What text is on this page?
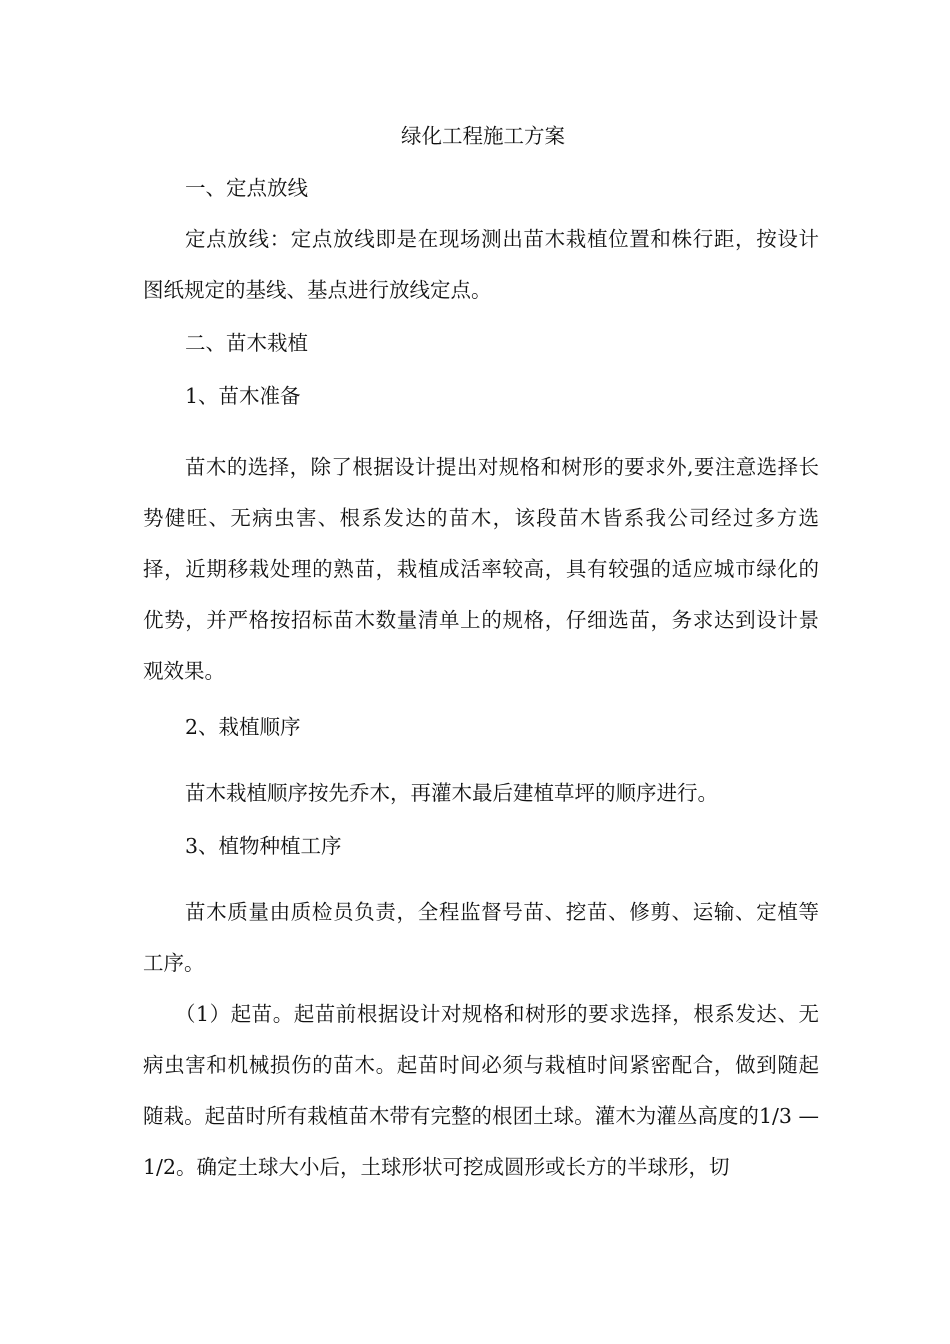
绿化工程施工方案

一、定点放线

定点放线：定点放线即是在现场测出苗木栽植位置和株行距，按设计图纸规定的基线、基点进行放线定点。

二、苗木栽植

1、苗木准备

苗木的选择，除了根据设计提出对规格和树形的要求外,要注意选择长势健旺、无病虫害、根系发达的苗木，该段苗木皆系我公司经过多方选择，近期移栽处理的熟苗，栽植成活率较高，具有较强的适应城市绿化的优势，并严格按招标苗木数量清单上的规格，仔细选苗，务求达到设计景观效果。

2、栽植顺序

苗木栽植顺序按先乔木，再灌木最后建植草坪的顺序进行。

3、植物种植工序

苗木质量由质检员负责，全程监督号苗、挖苗、修剪、运输、定植等工序。

（1）起苗。起苗前根据设计对规格和树形的要求选择，根系发达、无病虫害和机械损伤的苗木。起苗时间必须与栽植时间紧密配合，做到随起随栽。起苗时所有栽植苗木带有完整的根团土球。灌木为灌丛高度的1/3 —1/2。确定土球大小后，土球形状可挖成圆形或长方的半球形，切
